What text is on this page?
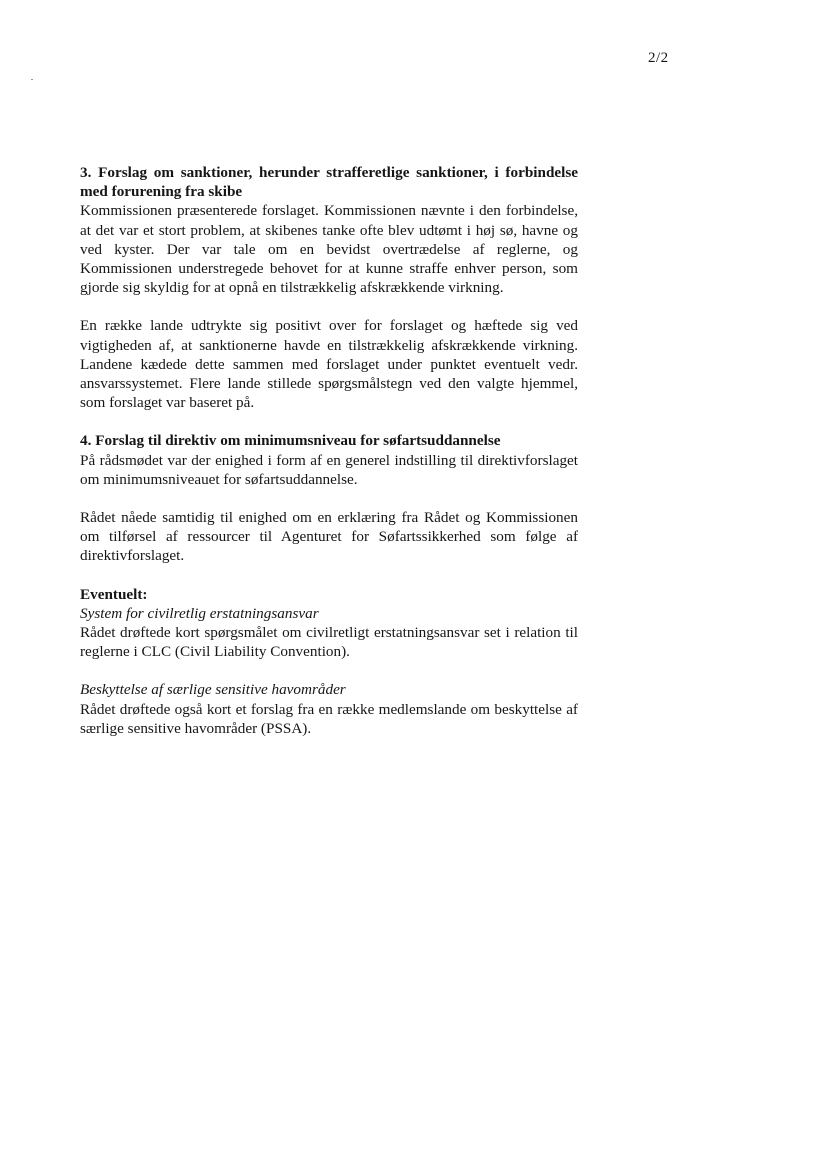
2/2
3. Forslag om sanktioner, herunder strafferetlige sanktioner, i forbindelse med forurening fra skibe

Kommissionen præsenterede forslaget. Kommissionen nævnte i den forbindelse, at det var et stort problem, at skibenes tanke ofte blev udtømt i høj sø, havne og ved kyster. Der var tale om en bevidst overtrædelse af reglerne, og Kommissionen understregede behovet for at kunne straffe enhver person, som gjorde sig skyldig for at opnå en tilstrækkelig afskrækkende virkning.

En række lande udtrykte sig positivt over for forslaget og hæftede sig ved vigtigheden af, at sanktionerne havde en tilstrækkelig afskrækkende virkning. Landene kædede dette sammen med forslaget under punktet eventuelt vedr. ansvarssystemet. Flere lande stillede spørgsmålstegn ved den valgte hjemmel, som forslaget var baseret på.

4. Forslag til direktiv om minimumsniveau for søfartsuddannelse

På rådsmødet var der enighed i form af en generel indstilling til direktivforslaget om minimumsniveauet for søfartsuddannelse.

Rådet nåede samtidig til enighed om en erklæring fra Rådet og Kommissionen om tilførsel af ressourcer til Agenturet for Søfartssikkerhed som følge af direktivforslaget.

Eventuelt:
System for civilretlig erstatningsansvar

Rådet drøftede kort spørgsmålet om civilretligt erstatningsansvar set i relation til reglerne i CLC (Civil Liability Convention).

Beskyttelse af særlige sensitive havområder

Rådet drøftede også kort et forslag fra en række medlemslande om beskyttelse af særlige sensitive havområder (PSSA).
